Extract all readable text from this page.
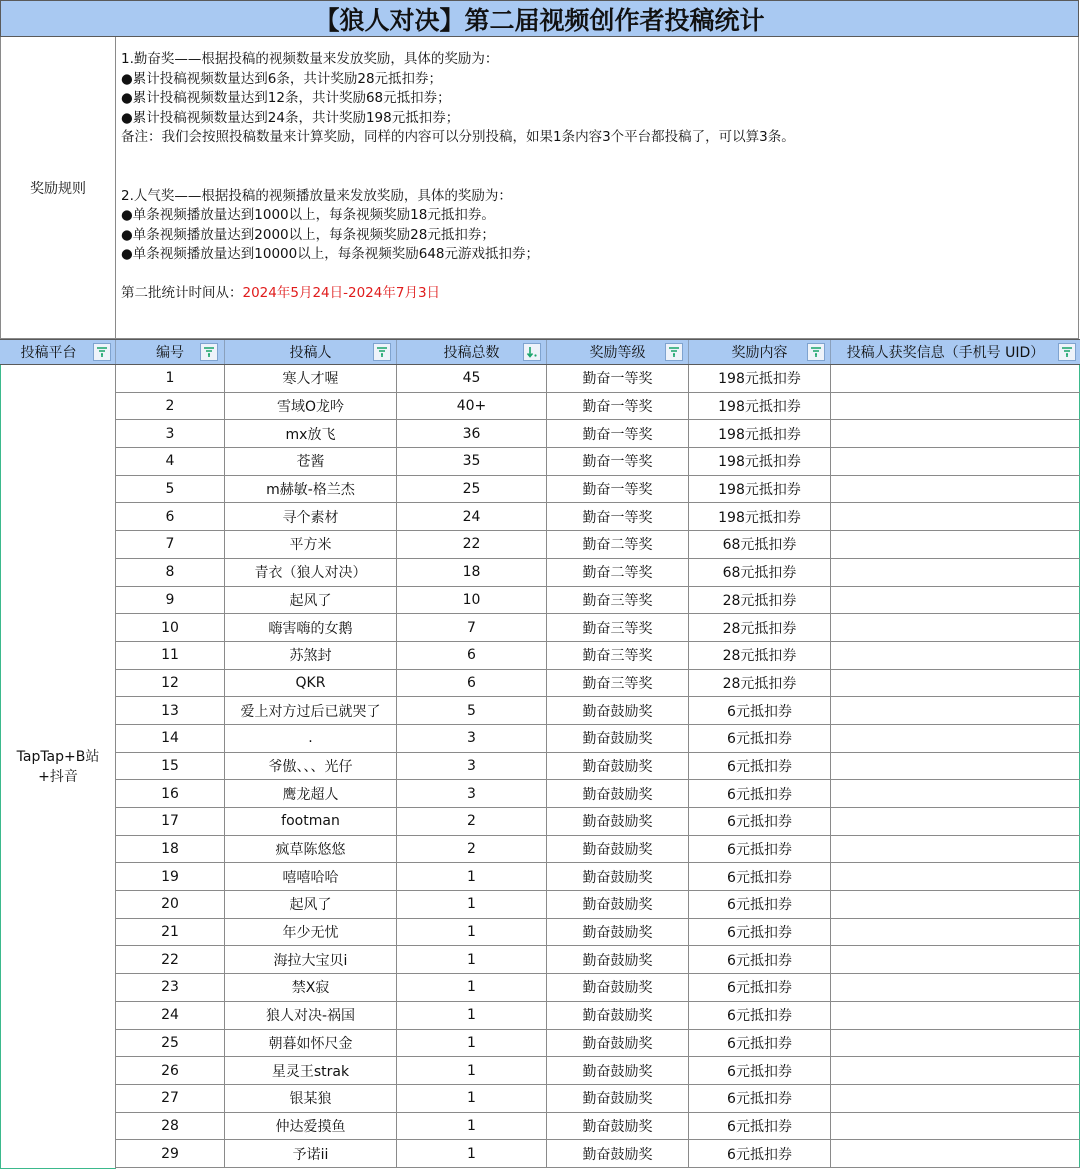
【狼人对决】第二届视频创作者投稿统计
奖励规则
1.勤奋奖——根据投稿的视频数量来发放奖励，具体的奖励为：
●累计投稿视频数量达到6条，共计奖励28元抵扣券；
●累计投稿视频数量达到12条，共计奖励68元抵扣券；
●累计投稿视频数量达到24条，共计奖励198元抵扣券；
备注：我们会按照投稿数量来计算奖励，同样的内容可以分别投稿，如果1条内容3个平台都投稿了，可以算3条。
2.人气奖——根据投稿的视频播放量来发放奖励，具体的奖励为：
●单条视频播放量达到1000以上，每条视频奖励18元抵扣券。
●单条视频播放量达到2000以上，每条视频奖励28元抵扣券；
●单条视频播放量达到10000以上，每条视频奖励648元游戏抵扣券；
第二批统计时间从：2024年5月24日-2024年7月3日
投稿平台	编号	投稿人	投稿总数	奖励等级	奖励内容	投稿人获奖信息（手机号 UID）
TapTap+B站+抖音
1	寒人才喔	45	勤奋一等奖	198元抵扣券
2	雪域O龙吟	40+	勤奋一等奖	198元抵扣券
3	mx放飞	36	勤奋一等奖	198元抵扣券
4	苍酱	35	勤奋一等奖	198元抵扣券
5	m赫敏-格兰杰	25	勤奋一等奖	198元抵扣券
6	寻个素材	24	勤奋一等奖	198元抵扣券
7	平方米	22	勤奋二等奖	68元抵扣券
8	青衣（狼人对决）	18	勤奋二等奖	68元抵扣券
9	起风了	10	勤奋三等奖	28元抵扣券
10	嗨害嗨的女鹅	7	勤奋三等奖	28元抵扣券
11	苏煞封	6	勤奋三等奖	28元抵扣券
12	QKR	6	勤奋三等奖	28元抵扣券
13	爱上对方过后已就哭了	5	勤奋鼓励奖	6元抵扣券
14	.	3	勤奋鼓励奖	6元抵扣券
15	爷傲、、、光仔	3	勤奋鼓励奖	6元抵扣券
16	鹰龙超人	3	勤奋鼓励奖	6元抵扣券
17	footman	2	勤奋鼓励奖	6元抵扣券
18	疯草陈悠悠	2	勤奋鼓励奖	6元抵扣券
19	嘻嘻哈哈	1	勤奋鼓励奖	6元抵扣券
20	起风了	1	勤奋鼓励奖	6元抵扣券
21	年少无忧	1	勤奋鼓励奖	6元抵扣券
22	海拉大宝贝i	1	勤奋鼓励奖	6元抵扣券
23	禁X寂	1	勤奋鼓励奖	6元抵扣券
24	狼人对决-祸国	1	勤奋鼓励奖	6元抵扣券
25	朝暮如怀尺金	1	勤奋鼓励奖	6元抵扣券
26	星灵王strak	1	勤奋鼓励奖	6元抵扣券
27	银某狼	1	勤奋鼓励奖	6元抵扣券
28	仲达爱摸鱼	1	勤奋鼓励奖	6元抵扣券
29	予诺ii	1	勤奋鼓励奖	6元抵扣券
